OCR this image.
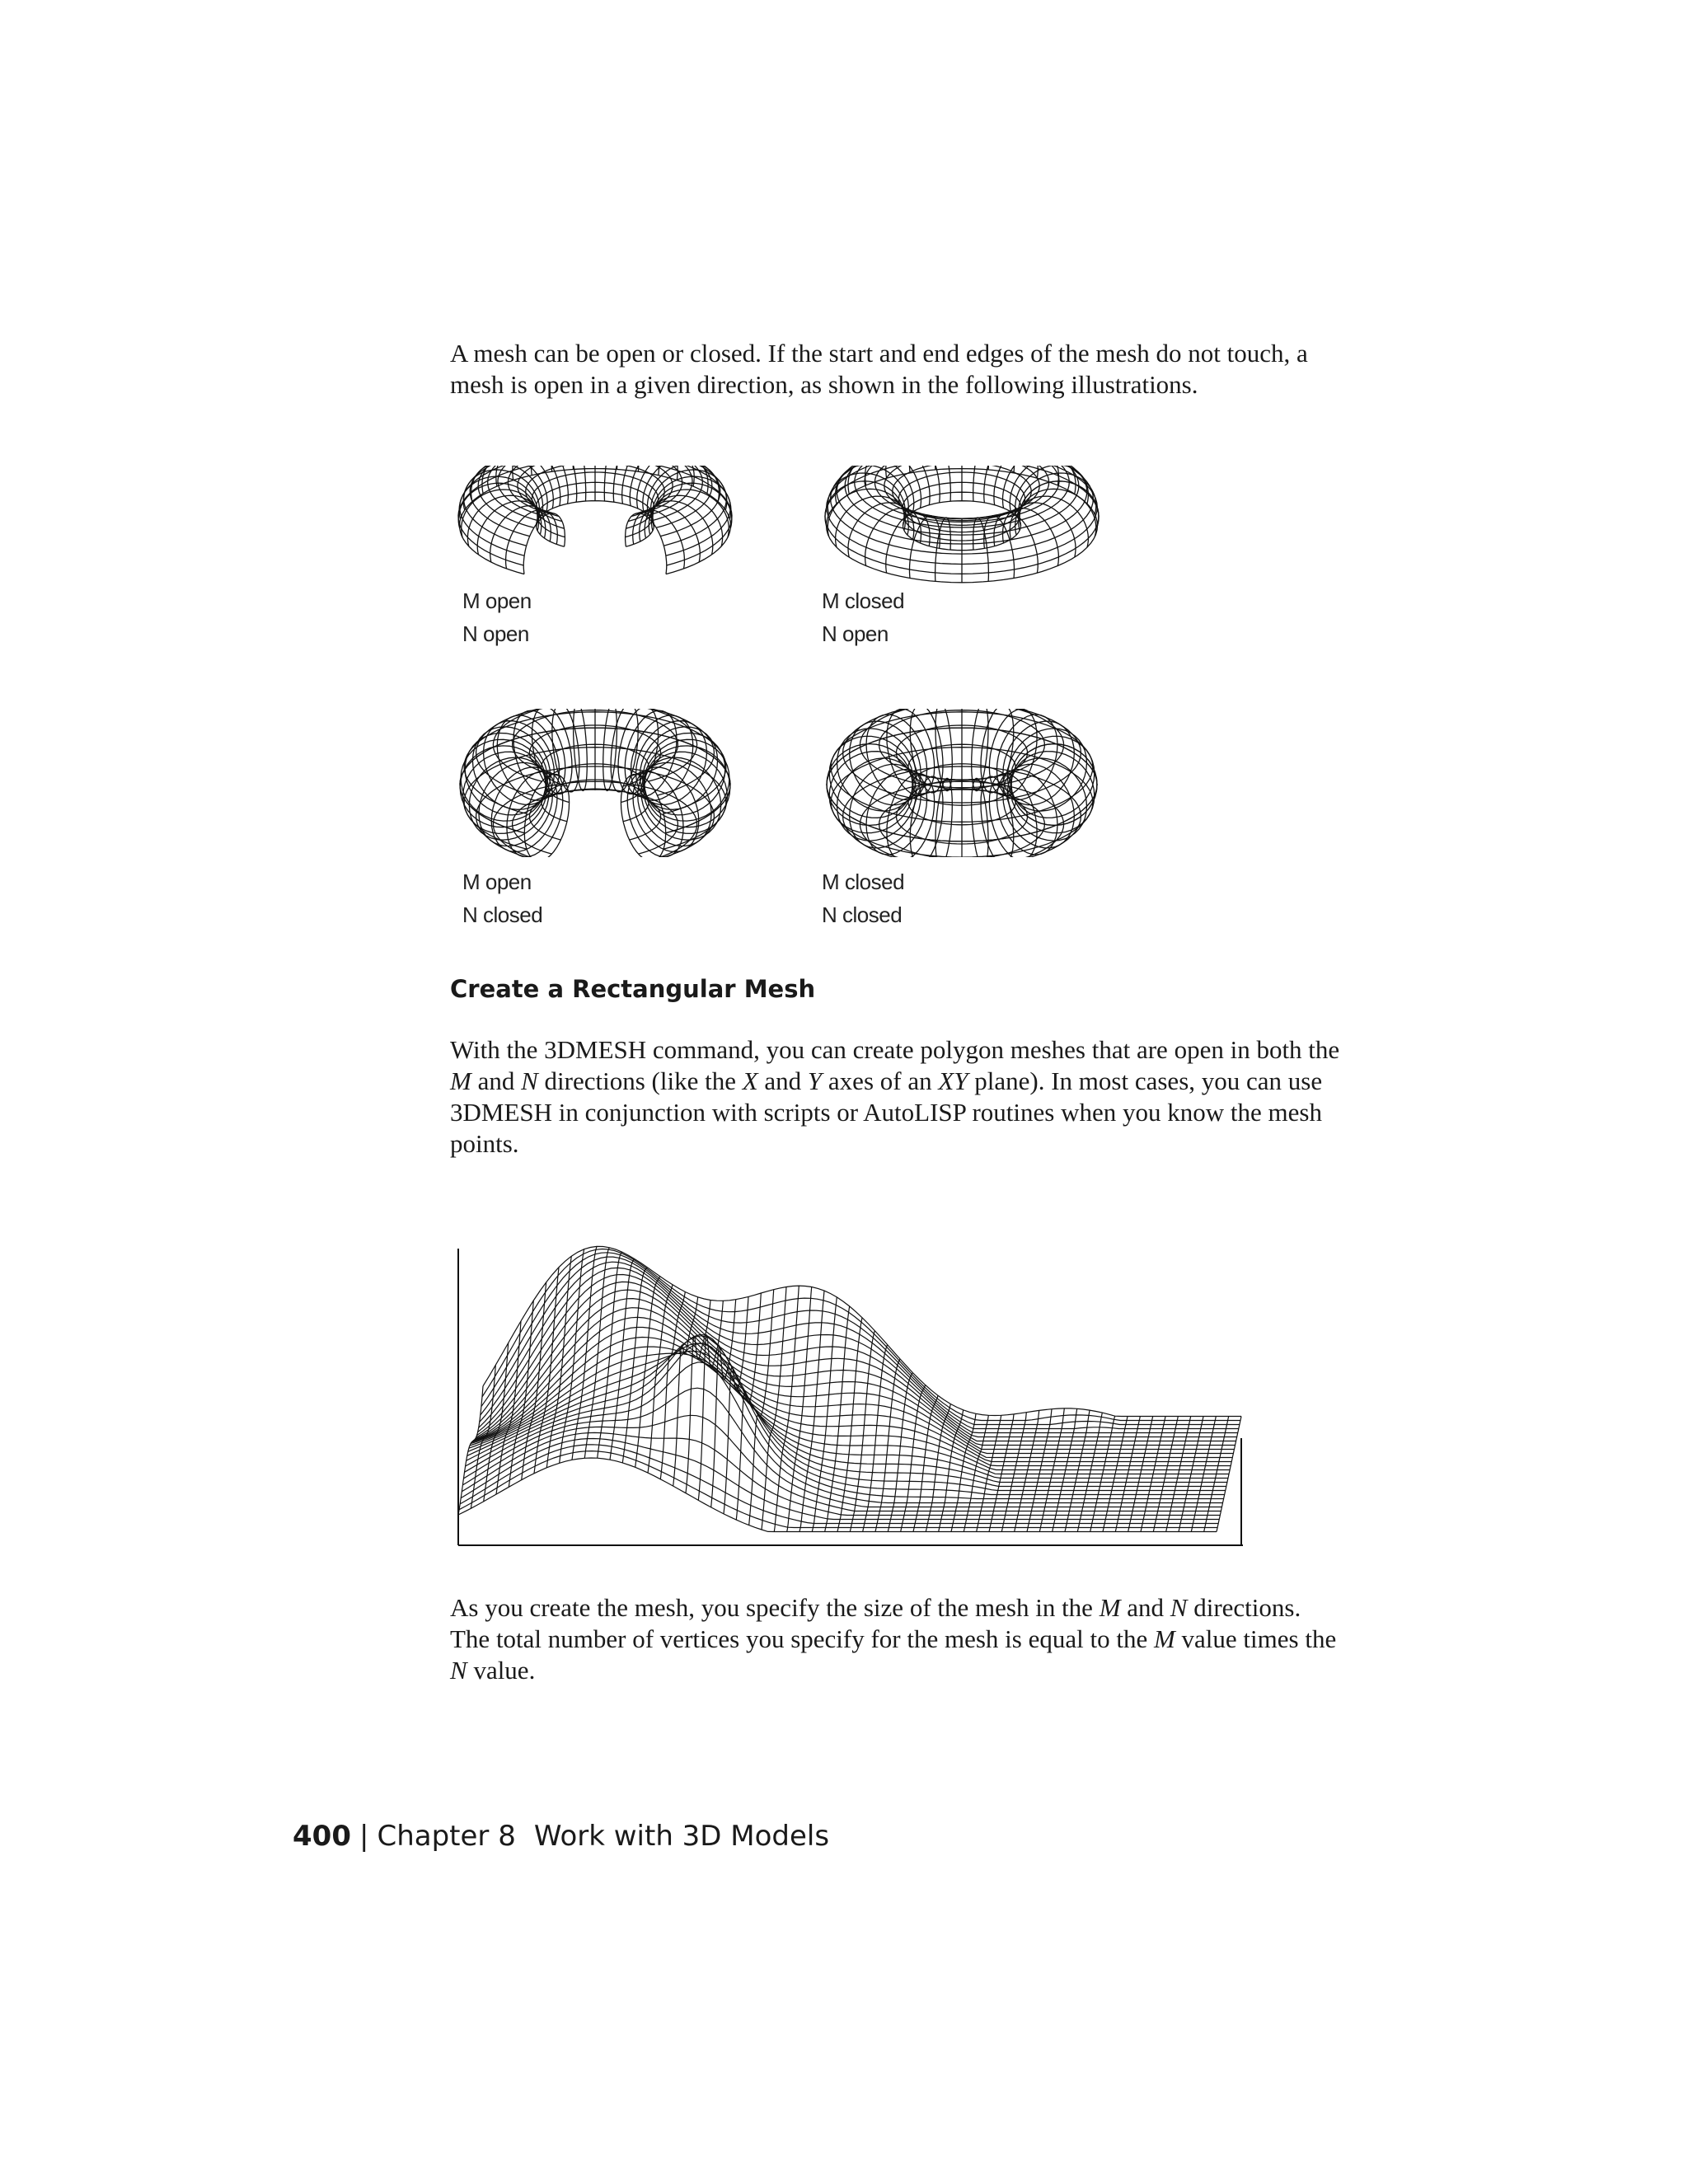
A mesh can be open or closed. If the start and end edges of the mesh do not touch, a mesh is open in a given direction, as shown in the following illustrations.

M open
N open
M closed
N open
M open
N closed
M closed
N closed
Create a Rectangular Mesh

With the 3DMESH command, you can create polygon meshes that are open in both the M and N directions (like the X and Y axes of an XY plane). In most cases, you can use 3DMESH in conjunction with scripts or AutoLISP routines when you know the mesh points.

As you create the mesh, you specify the size of the mesh in the M and N directions. The total number of vertices you specify for the mesh is equal to the M value times the N value.

400 | Chapter 8 Work with 3D Models
